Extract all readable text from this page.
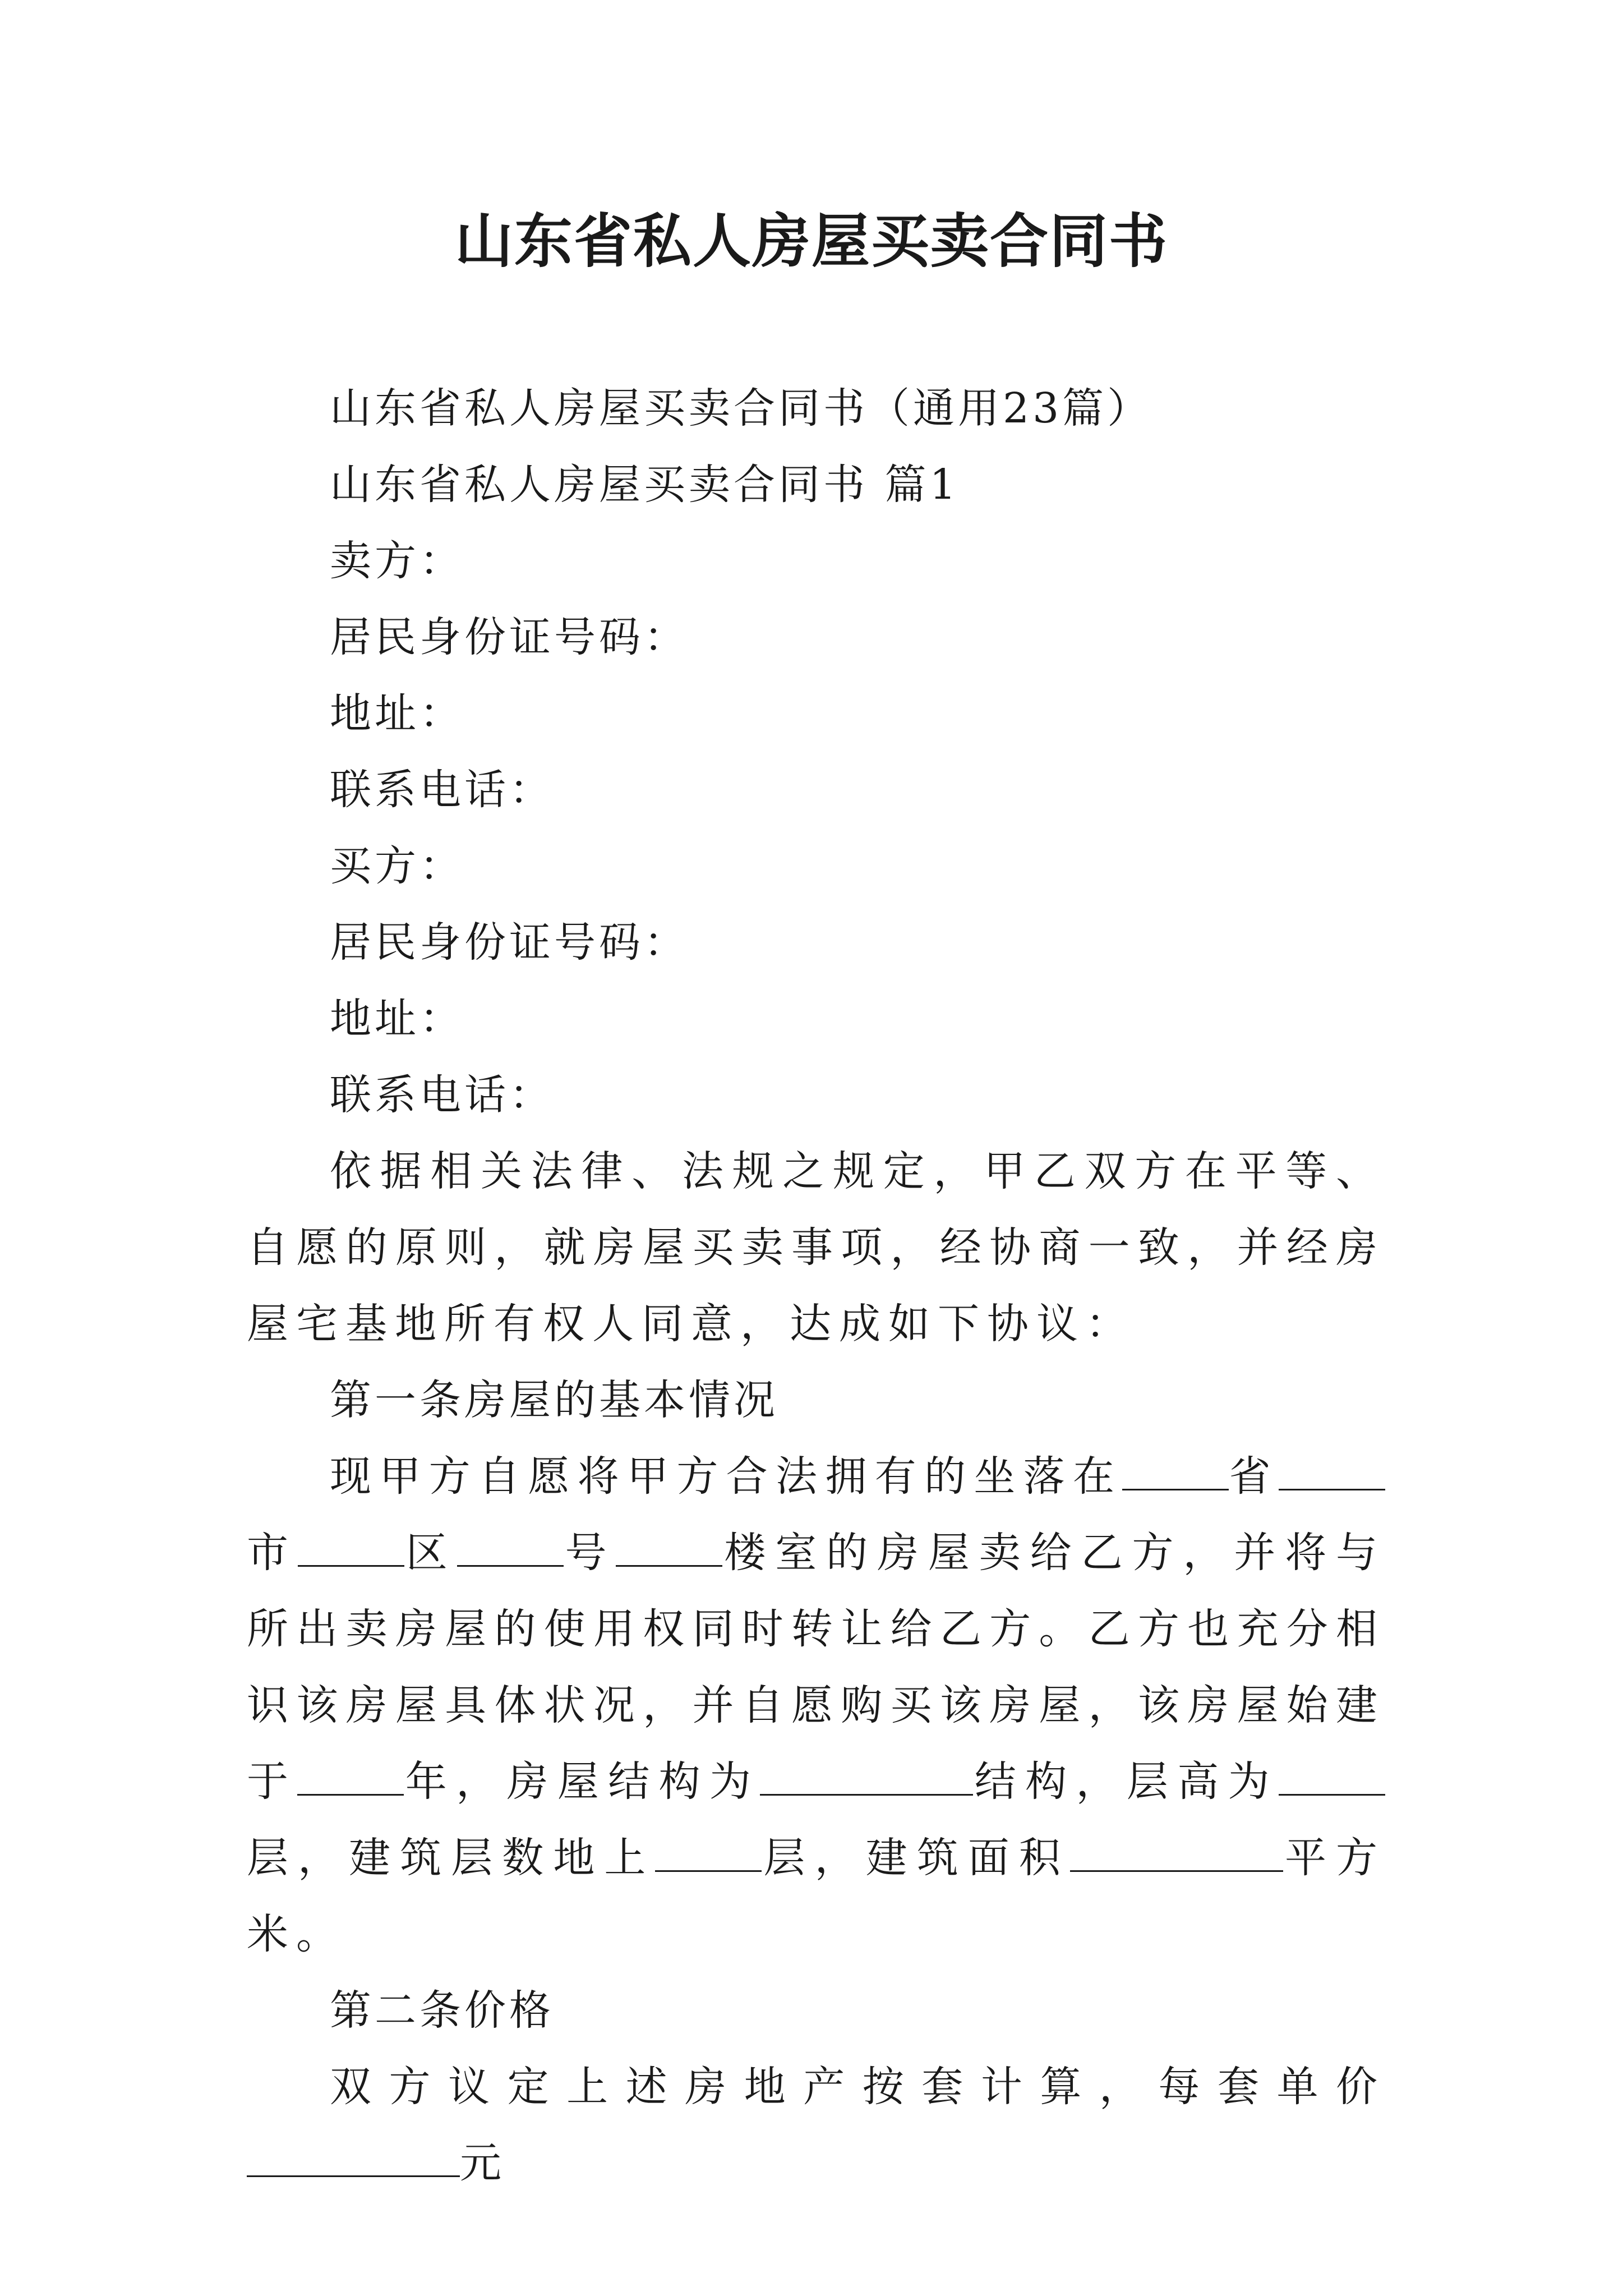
山东省私人房屋买卖合同书

山东省私人房屋买卖合同书（通用23篇）

山东省私人房屋买卖合同书 篇1

卖方：

居民身份证号码：

地址：

联系电话：

买方：

居民身份证号码：

地址：

联系电话：

依据相关法律、法规之规定，甲乙双方在平等、自愿的原则，就房屋买卖事项，经协商一致，并经房屋宅基地所有权人同意，达成如下协议：

第一条房屋的基本情况

现甲方自愿将甲方合法拥有的坐落在	省市	区	号	楼室的房屋卖给乙方，并将与所出卖房屋的使用权同时转让给乙方。乙方也充分相识该房屋具体状况，并自愿购买该房屋，该房屋始建于	年，房屋结构为	结构，层高为层，建筑层数地上	层，建筑面积	平方米。

第二条价格

双方议定上述房地产按套计算，每套单价元
